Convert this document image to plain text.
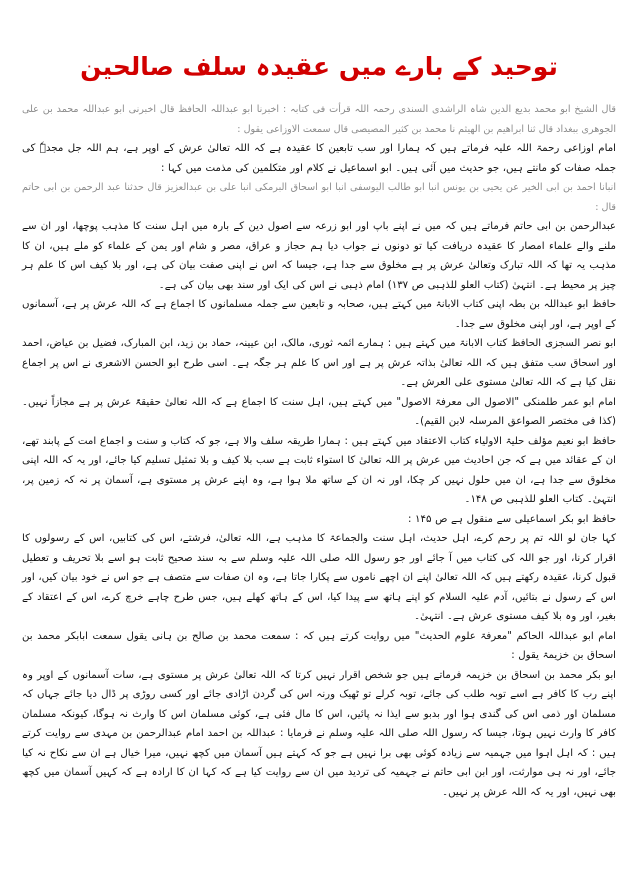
توحید کے بارے میں عقیدہ سلف صالحین

قال الشیخ ابو محمد بدیع الدین شاہ الراشدی السندی رحمہ اللہ قرأت فی کتابہ : اخبرنا ابو عبداللہ الحافظ قال اخبرنی ابو عبداللہ محمد بن علی الجوهری ببغداد قال ثنا ابراهیم بن الهیثم نا محمد بن کثیر المصیصی قال سمعت الاوزاعی یقول :

امام اوزاعی رحمۃ اللہ علیہ فرماتے ہیں کہ ہمارا اور سب تابعین کا عقیدہ ہے کہ اللہ تعالیٰ عرش کے اوپر ہے، ہم اللہ جل مجدہٗ کی جملہ صفات کو مانتے ہیں، جو حدیث میں آئی ہیں۔ ابو اسماعیل نے کلام اور متکلمین کی مذمت میں کہا :

انبانا احمد بن ابی الخیر عن یحیی بن یونس انبا ابو طالب الیوسفی انبا ابو اسحاق البرمکی انبا علی بن عبدالعزیز قال حدثنا عبد الرحمن بن ابی حاتم قال :

عبدالرحمن بن ابی حاتم فرماتے ہیں کہ میں نے اپنے باپ اور ابو زرعہ سے اصول دین کے بارہ میں اہل سنت کا مذہب پوچھا، اور ان سے ملنے والے علماء امصار کا عقیدہ دریافت کیا تو دونوں نے جواب دیا ہم حجاز و عراق، مصر و شام اور یمن کے علماء کو ملے ہیں، ان کا مذہب یہ تھا کہ اللہ تبارک وتعالیٰ عرش پر ہے مخلوق سے جدا ہے، جیسا کہ اس نے اپنی صفت بیان کی ہے، اور بلا کیف اس کا علم ہر چیز پر محیط ہے۔ انتہیٰ (کتاب العلو للذہبی ص ۱۳۷) امام ذہبی نے اس کی ایک اور سند بھی بیان کی ہے۔

حافظ ابو عبداللہ بن بطہ اپنی کتاب الابانۃ میں کہتے ہیں، صحابہ و تابعین سے جملہ مسلمانوں کا اجماع ہے کہ اللہ عرش پر ہے، آسمانوں کے اوپر ہے، اور اپنی مخلوق سے جدا۔

ابو نصر السجزی الحافظ کتاب الابانۃ میں کہتے ہیں : ہمارے ائمہ ثوری، مالک، ابن عیینہ، حماد بن زید، ابن المبارک، فضیل بن عیاض، احمد اور اسحاق سب متفق ہیں کہ اللہ تعالیٰ بذاتہ عرش پر ہے اور اس کا علم ہر جگہ ہے۔ اسی طرح ابو الحسن الاشعری نے اس پر اجماع نقل کیا ہے کہ اللہ تعالیٰ مستوی علی العرش ہے۔

امام ابو عمر طلمنکی "الاصول الی معرفۃ الاصول" میں کہتے ہیں، اہل سنت کا اجماع ہے کہ اللہ تعالیٰ حقیقۃً عرش پر ہے مجازاً نہیں۔ (کذا فی مختصر الصواعق المرسلہ لابن القیم)۔

حافظ ابو نعیم مؤلف حلیۃ الاولیاء کتاب الاعتقاد میں کہتے ہیں : ہمارا طریقہ سلف والا ہے، جو کہ کتاب و سنت و اجماع امت کے پابند تھے، ان کے عقائد میں ہے کہ جن احادیث میں عرش پر اللہ تعالیٰ کا استواء ثابت ہے سب بلا کیف و بلا تمثیل تسلیم کیا جائے، اور یہ کہ اللہ اپنی مخلوق سے جدا ہے، ان میں حلول نہیں کر چکا، اور نہ ان کے ساتھ ملا ہوا ہے، وہ اپنے عرش پر مستوی ہے، آسمان پر نہ کہ زمین پر، انتہیٰ۔ کتاب العلو للذہبی ص ۱۴۸۔

حافظ ابو بکر اسماعیلی سے منقول ہے ص ۱۴۵ :

کہا جان لو اللہ تم پر رحم کرے، اہل حدیث، اہل سنت والجماعۃ کا مذہب ہے، اللہ تعالیٰ، فرشتے، اس کی کتابیں، اس کے رسولوں کا اقرار کرنا، اور جو اللہ کی کتاب میں آ جائے اور جو رسول اللہ صلی اللہ علیہ وسلم سے بہ سند صحیح ثابت ہو اسے بلا تحریف و تعطیل قبول کرنا، عقیدہ رکھتے ہیں کہ اللہ تعالیٰ اپنے ان اچھے ناموں سے پکارا جاتا ہے، وہ ان صفات سے متصف ہے جو اس نے خود بیان کیں، اور اس کے رسول نے بتائیں، آدم علیہ السلام کو اپنے ہاتھ سے پیدا کیا، اس کے ہاتھ کھلے ہیں، جس طرح چاہے خرچ کرے، اس کے اعتقاد کے بغیر، اور وہ بلا کیف مستوی عرش ہے۔ انتہیٰ۔

امام ابو عبداللہ الحاکم "معرفۃ علوم الحدیث" میں روایت کرتے ہیں کہ : سمعت محمد بن صالح بن ہانی یقول سمعت ابابکر محمد بن اسحاق بن خزیمۃ یقول :

ابو بکر محمد بن اسحاق بن خزیمہ فرماتے ہیں جو شخص اقرار نہیں کرتا کہ اللہ تعالیٰ عرش پر مستوی ہے، سات آسمانوں کے اوپر وہ اپنے رب کا کافر ہے اسے توبہ طلب کی جائے، توبہ کرلے تو ٹھیک ورنہ اس کی گردن اڑادی جائے اور کسی روڑی پر ڈال دیا جائے جہاں کہ مسلمان اور ذمی اس کی گندی ہوا اور بدبو سے ایذا نہ پائیں، اس کا مال فئی ہے، کوئی مسلمان اس کا وارث نہ ہوگا، کیونکہ مسلمان کافر کا وارث نہیں ہوتا، جیسا کہ رسول اللہ صلی اللہ علیہ وسلم نے فرمایا : عبداللہ بن احمد امام عبدالرحمن بن مہدی سے روایت کرتے ہیں : کہ اہل اہوا میں جہمیہ سے زیادہ کوئی بھی برا نہیں ہے جو کہ کہتے ہیں آسمان میں کچھ نہیں، میرا خیال ہے ان سے نکاح نہ کیا جائے، اور نہ ہی موارثت، اور ابن ابی حاتم نے جہمیہ کی تردید میں ان سے روایت کیا ہے کہ کہا ان کا ارادہ ہے کہ کہیں آسمان میں کچھ بھی نہیں، اور یہ کہ اللہ عرش پر نہیں۔
